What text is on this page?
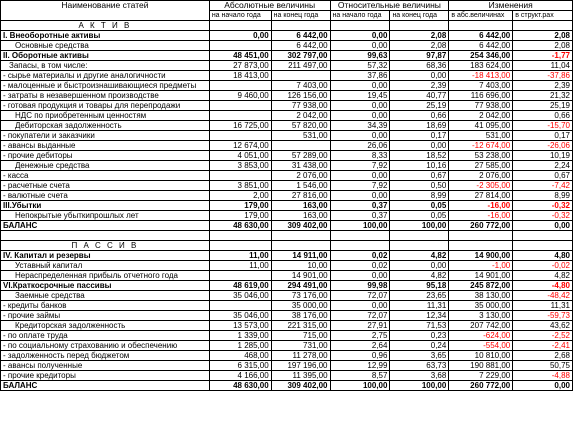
Наименование статей	Абсолютные величины		Относительные величины		Изменения	
	на начало года	на конец года	на начало года	на конец года	в абс.величинах	в структ.рах
А К Т И В						
I. Внеоборотные активы	0,00	6 442,00	0,00	2,08	6 442,00	2,08
Основные средства		6 442,00	0,00	2,08	6 442,00	2,08
II. Оборотные активы	48 451,00	302 797,00	99,63	97,87	254 346,00	-1,77
Запасы, в том числе:	27 873,00	211 497,00	57,32	68,36	183 624,00	11,04
- сырье материалы и другие аналогичности	18 413,00		37,86	0,00	-18 413,00	-37,86
- малоценные и быстроизнашивающиеся предметы		7 403,00	0,00	2,39	7 403,00	2,39
- затраты в незавершенном производстве	9 460,00	126 156,00	19,45	40,77	116 696,00	21,32
- готовая продукция и товары для перепродажи		77 938,00	0,00	25,19	77 938,00	25,19
НДС по приобретенным ценностям		2 042,00	0,00	0,66	2 042,00	0,66
Дебиторская задолженность	16 725,00	57 820,00	34,39	18,69	41 095,00	-15,70
- покупатели и заказчики		531,00	0,00	0,17	531,00	0,17
- авансы выданные	12 674,00		26,06	0,00	-12 674,00	-26,06
- прочие дебиторы	4 051,00	57 289,00	8,33	18,52	53 238,00	10,19
Денежные средства	3 853,00	31 438,00	7,92	10,16	27 585,00	2,24
- касса		2 076,00	0,00	0,67	2 076,00	0,67
- расчетные счета	3 851,00	1 546,00	7,92	0,50	-2 305,00	-7,42
- валютные счета	2,00	27 816,00	0,00	8,99	27 814,00	8,99
III.Убытки	179,00	163,00	0,37	0,05	-16,00	-0,32
Непокрытые убыткипрошлых лет	179,00	163,00	0,37	0,05	-16,00	-0,32
БАЛАНС	48 630,00	309 402,00	100,00	100,00	260 772,00	0,00

П А С С И В						
IV. Капитал и резервы	11,00	14 911,00	0,02	4,82	14 900,00	4,80
Уставный капитал	11,00	10,00	0,02	0,00	-1,00	-0,02
Нераспределенная прибыль отчетного года		14 901,00	0,00	4,82	14 901,00	4,82
VI.Краткосрочные пассивы	48 619,00	294 491,00	99,98	95,18	245 872,00	-4,80
Заемные средства	35 046,00	73 176,00	72,07	23,65	38 130,00	-48,42
- кредиты банков		35 000,00	0,00	11,31	35 000,00	11,31
- прочие займы	35 046,00	38 176,00	72,07	12,34	3 130,00	-59,73
Кредиторская задолженность	13 573,00	221 315,00	27,91	71,53	207 742,00	43,62
- по оплате труда	1 339,00	715,00	2,75	0,23	-624,00	-2,52
- по социальному страхованию и обеспечению	1 285,00	731,00	2,64	0,24	-554,00	-2,41
- задолженность перед бюджетом	468,00	11 278,00	0,96	3,65	10 810,00	2,68
- авансы полученные	6 315,00	197 196,00	12,99	63,73	190 881,00	50,75
- прочие кредиторы	4 166,00	11 395,00	8,57	3,68	7 229,00	-4,88
БАЛАНС	48 630,00	309 402,00	100,00	100,00	260 772,00	0,00
